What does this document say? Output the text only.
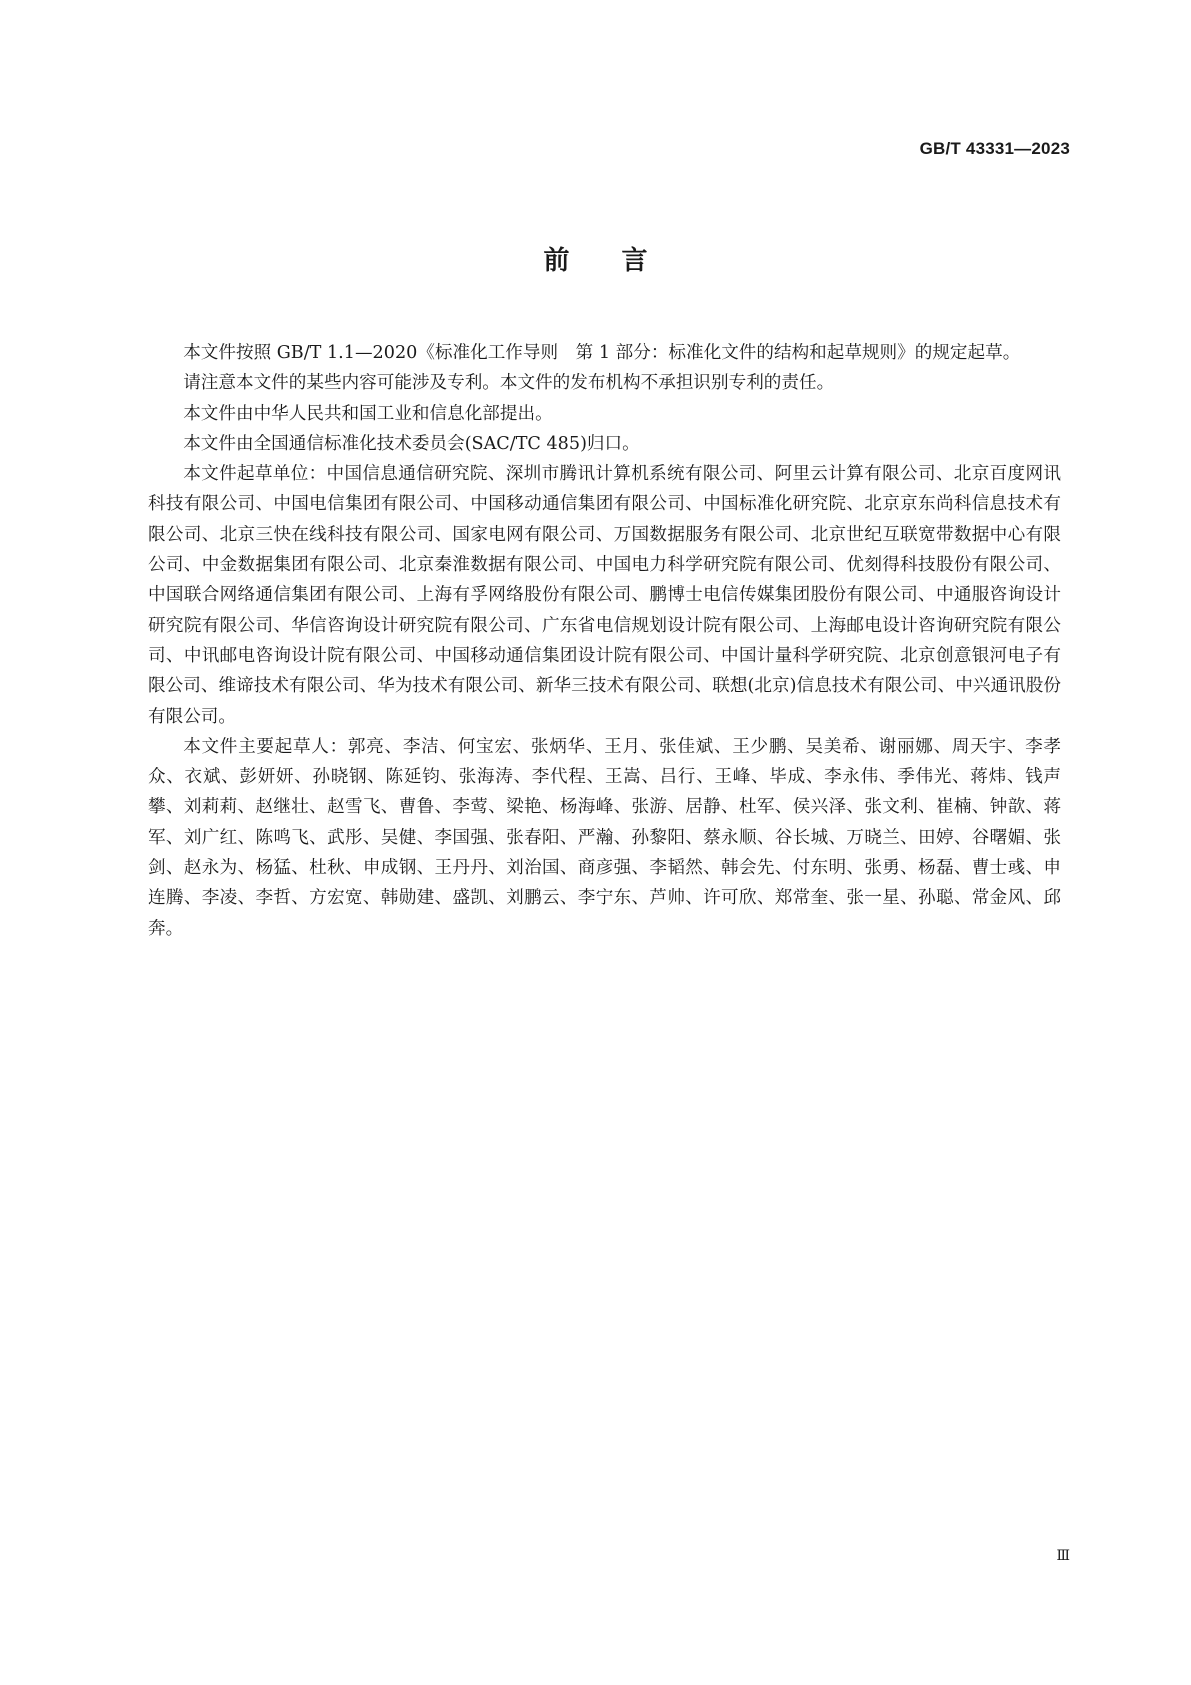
GB/T 43331—2023
前 言

本文件按照 GB/T 1.1—2020《标准化工作导则　第 1 部分：标准化文件的结构和起草规则》的规定起草。

请注意本文件的某些内容可能涉及专利。本文件的发布机构不承担识别专利的责任。

本文件由中华人民共和国工业和信息化部提出。

本文件由全国通信标准化技术委员会(SAC/TC 485)归口。

本文件起草单位：中国信息通信研究院、深圳市腾讯计算机系统有限公司、阿里云计算有限公司、北京百度网讯科技有限公司、中国电信集团有限公司、中国移动通信集团有限公司、中国标准化研究院、北京京东尚科信息技术有限公司、北京三快在线科技有限公司、国家电网有限公司、万国数据服务有限公司、北京世纪互联宽带数据中心有限公司、中金数据集团有限公司、北京秦淮数据有限公司、中国电力科学研究院有限公司、优刻得科技股份有限公司、中国联合网络通信集团有限公司、上海有孚网络股份有限公司、鹏博士电信传媒集团股份有限公司、中通服咨询设计研究院有限公司、华信咨询设计研究院有限公司、广东省电信规划设计院有限公司、上海邮电设计咨询研究院有限公司、中讯邮电咨询设计院有限公司、中国移动通信集团设计院有限公司、中国计量科学研究院、北京创意银河电子有限公司、维谛技术有限公司、华为技术有限公司、新华三技术有限公司、联想(北京)信息技术有限公司、中兴通讯股份有限公司。

本文件主要起草人：郭亮、李洁、何宝宏、张炳华、王月、张佳斌、王少鹏、吴美希、谢丽娜、周天宇、李孝众、衣斌、彭妍妍、孙晓钢、陈延钧、张海涛、李代程、王嵩、吕行、王峰、毕成、李永伟、季伟光、蒋炜、钱声攀、刘莉莉、赵继壮、赵雪飞、曹鲁、李莺、梁艳、杨海峰、张游、居静、杜军、侯兴泽、张文利、崔楠、钟歆、蒋军、刘广红、陈鸣飞、武彤、吴健、李国强、张春阳、严瀚、孙黎阳、蔡永顺、谷长城、万晓兰、田婷、谷曙媚、张剑、赵永为、杨猛、杜秋、申成钢、王丹丹、刘治国、商彦强、李韬然、韩会先、付东明、张勇、杨磊、曹士彧、申连腾、李凌、李哲、方宏宽、韩勋建、盛凯、刘鹏云、李宁东、芦帅、许可欣、郑常奎、张一星、孙聪、常金风、邱奔。

Ⅲ
